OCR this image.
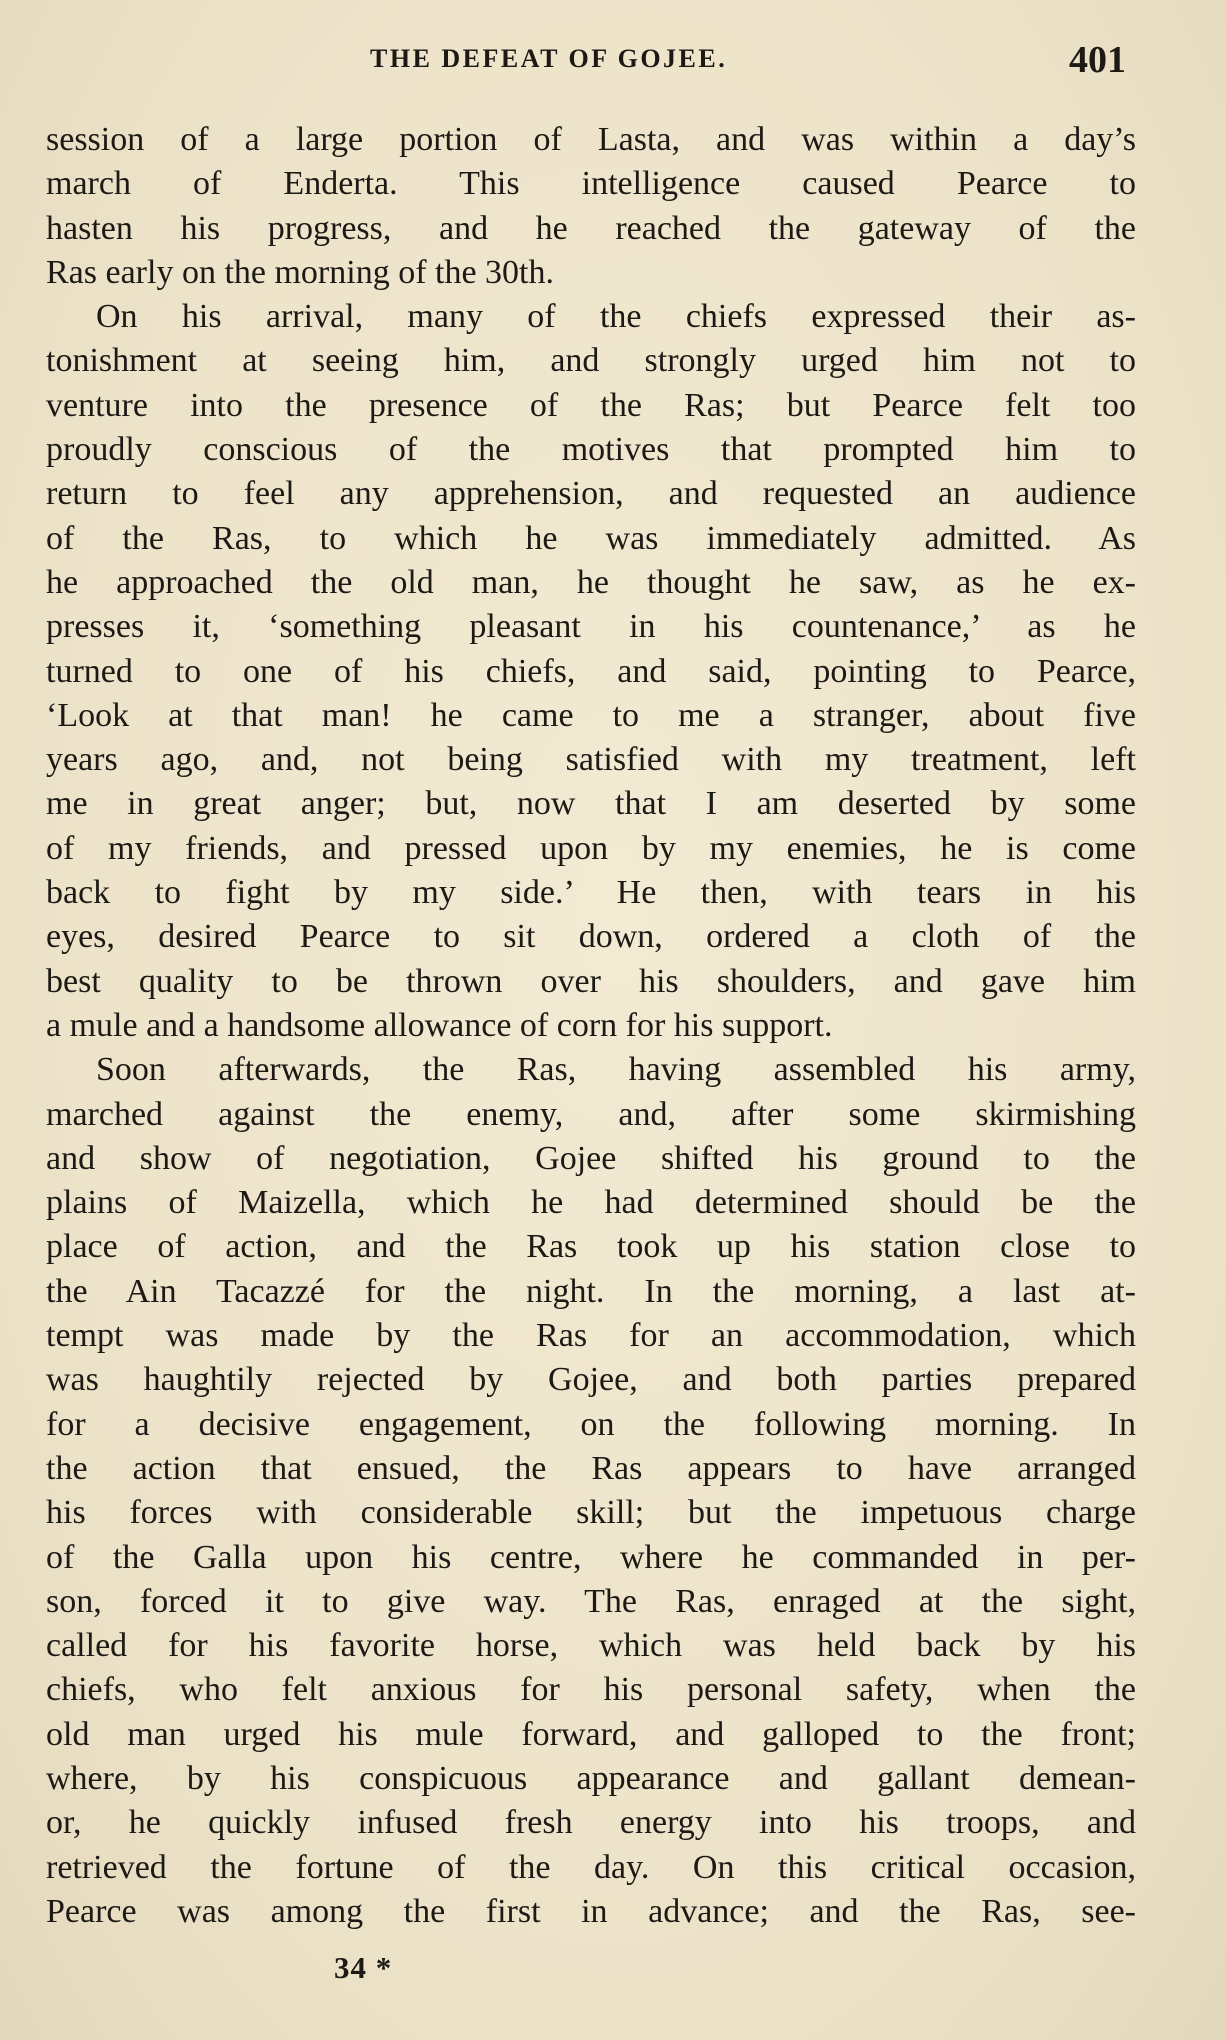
THE DEFEAT OF GOJEE.	401
session of a large portion of Lasta, and was within a day’s
march of Enderta. This intelligence caused Pearce to
hasten his progress, and he reached the gateway of the
Ras early on the morning of the 30th.
On his arrival, many of the chiefs expressed their as-
tonishment at seeing him, and strongly urged him not to
venture into the presence of the Ras; but Pearce felt too
proudly conscious of the motives that prompted him to
return to feel any apprehension, and requested an audience
of the Ras, to which he was immediately admitted. As
he approached the old man, he thought he saw, as he ex-
presses it, ‘something pleasant in his countenance,’ as he
turned to one of his chiefs, and said, pointing to Pearce,
‘Look at that man! he came to me a stranger, about five
years ago, and, not being satisfied with my treatment, left
me in great anger; but, now that I am deserted by some
of my friends, and pressed upon by my enemies, he is come
back to fight by my side.’ He then, with tears in his
eyes, desired Pearce to sit down, ordered a cloth of the
best quality to be thrown over his shoulders, and gave him
a mule and a handsome allowance of corn for his support.
Soon afterwards, the Ras, having assembled his army,
marched against the enemy, and, after some skirmishing
and show of negotiation, Gojee shifted his ground to the
plains of Maizella, which he had determined should be the
place of action, and the Ras took up his station close to
the Ain Tacazzé for the night. In the morning, a last at-
tempt was made by the Ras for an accommodation, which
was haughtily rejected by Gojee, and both parties prepared
for a decisive engagement, on the following morning. In
the action that ensued, the Ras appears to have arranged
his forces with considerable skill; but the impetuous charge
of the Galla upon his centre, where he commanded in per-
son, forced it to give way. The Ras, enraged at the sight,
called for his favorite horse, which was held back by his
chiefs, who felt anxious for his personal safety, when the
old man urged his mule forward, and galloped to the front;
where, by his conspicuous appearance and gallant demean-
or, he quickly infused fresh energy into his troops, and
retrieved the fortune of the day. On this critical occasion,
Pearce was among the first in advance; and the Ras, see-
34 *
